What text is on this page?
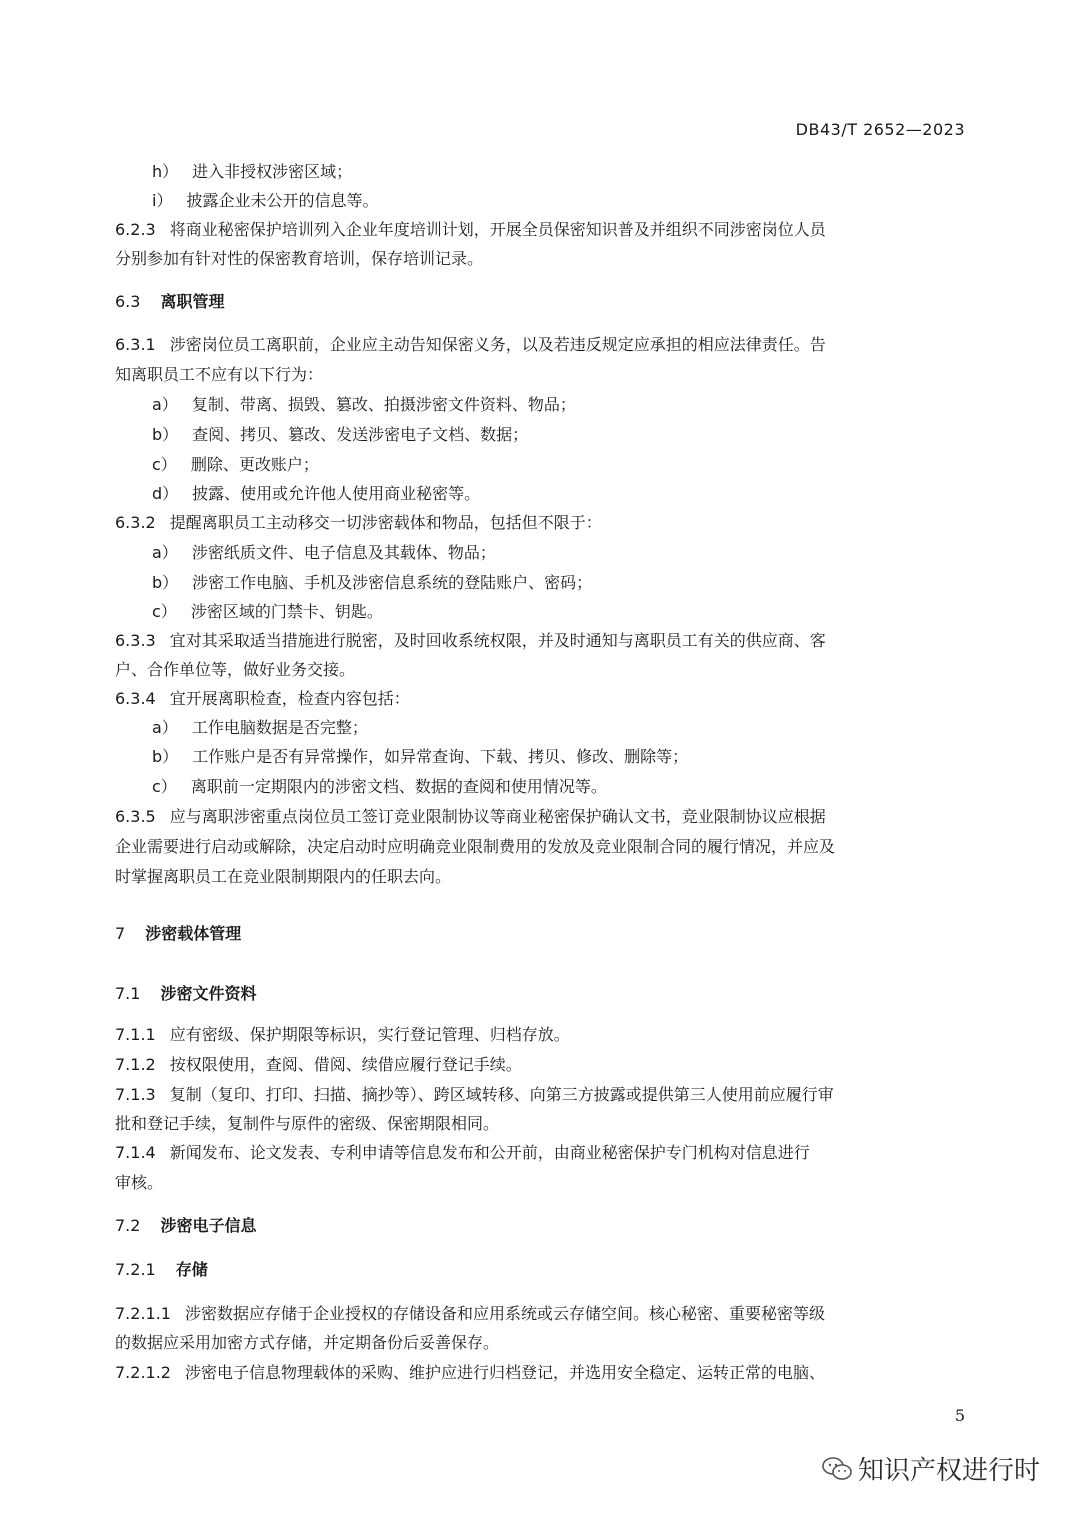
DB43/T 2652—2023
h） 进入非授权涉密区域；
i） 披露企业未公开的信息等。
6.2.3 将商业秘密保护培训列入企业年度培训计划，开展全员保密知识普及并组织不同涉密岗位人员
分别参加有针对性的保密教育培训，保存培训记录。
6.3 离职管理
6.3.1 涉密岗位员工离职前，企业应主动告知保密义务，以及若违反规定应承担的相应法律责任。告
知离职员工不应有以下行为：
a） 复制、带离、损毁、篡改、拍摄涉密文件资料、物品；
b） 查阅、拷贝、篡改、发送涉密电子文档、数据；
c） 删除、更改账户；
d） 披露、使用或允许他人使用商业秘密等。
6.3.2 提醒离职员工主动移交一切涉密载体和物品，包括但不限于：
a） 涉密纸质文件、电子信息及其载体、物品；
b） 涉密工作电脑、手机及涉密信息系统的登陆账户、密码；
c） 涉密区域的门禁卡、钥匙。
6.3.3 宜对其采取适当措施进行脱密，及时回收系统权限，并及时通知与离职员工有关的供应商、客
户、合作单位等，做好业务交接。
6.3.4 宜开展离职检查，检查内容包括：
a） 工作电脑数据是否完整；
b） 工作账户是否有异常操作，如异常查询、下载、拷贝、修改、删除等；
c） 离职前一定期限内的涉密文档、数据的查阅和使用情况等。
6.3.5 应与离职涉密重点岗位员工签订竞业限制协议等商业秘密保护确认文书，竞业限制协议应根据
企业需要进行启动或解除，决定启动时应明确竞业限制费用的发放及竞业限制合同的履行情况，并应及
时掌握离职员工在竞业限制期限内的任职去向。
7 涉密载体管理
7.1 涉密文件资料
7.1.1 应有密级、保护期限等标识，实行登记管理、归档存放。
7.1.2 按权限使用，查阅、借阅、续借应履行登记手续。
7.1.3 复制（复印、打印、扫描、摘抄等）、跨区域转移、向第三方披露或提供第三人使用前应履行审
批和登记手续，复制件与原件的密级、保密期限相同。
7.1.4 新闻发布、论文发表、专利申请等信息发布和公开前，由商业秘密保护专门机构对信息进行
审核。
7.2 涉密电子信息
7.2.1 存储
7.2.1.1 涉密数据应存储于企业授权的存储设备和应用系统或云存储空间。核心秘密、重要秘密等级
的数据应采用加密方式存储，并定期备份后妥善保存。
7.2.1.2 涉密电子信息物理载体的采购、维护应进行归档登记，并选用安全稳定、运转正常的电脑、
5
知识产权进行时
